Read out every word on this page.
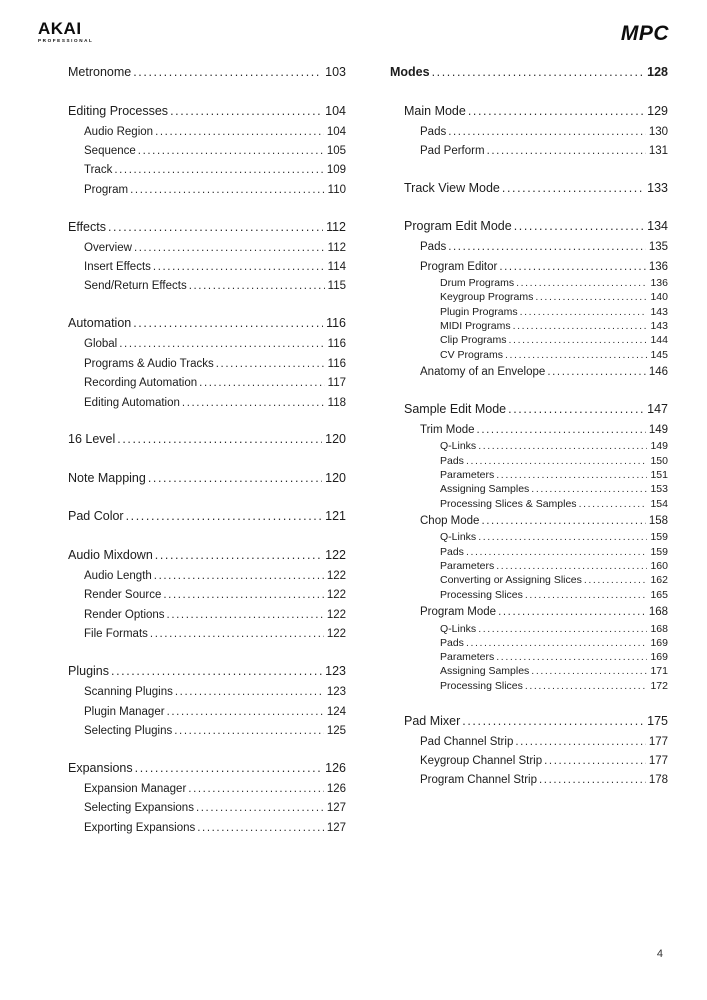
AKAI
PROFESSIONAL	MPC
Metronome .....	103
Editing Processes .....	104
Audio Region .....	104
Sequence .....	105
Track .....	109
Program .....	110
Effects .....	112
Overview .....	112
Insert Effects .....	114
Send/Return Effects .....	115
Automation .....	116
Global .....	116
Programs & Audio Tracks .....	116
Recording Automation .....	117
Editing Automation .....	118
16 Level .....	120
Note Mapping .....	120
Pad Color .....	121
Audio Mixdown .....	122
Audio Length .....	122
Render Source .....	122
Render Options .....	122
File Formats .....	122
Plugins .....	123
Scanning Plugins .....	123
Plugin Manager .....	124
Selecting Plugins .....	125
Expansions .....	126
Expansion Manager .....	126
Selecting Expansions .....	127
Exporting Expansions .....	127
Modes .....	128
Main Mode .....	129
Pads .....	130
Pad Perform .....	131
Track View Mode .....	133
Program Edit Mode .....	134
Pads .....	135
Program Editor .....	136
Drum Programs .....	136
Keygroup Programs .....	140
Plugin Programs .....	143
MIDI Programs .....	143
Clip Programs .....	144
CV Programs .....	145
Anatomy of an Envelope .....	146
Sample Edit Mode .....	147
Trim Mode .....	149
Q-Links .....	149
Pads .....	150
Parameters .....	151
Assigning Samples .....	153
Processing Slices & Samples .....	154
Chop Mode .....	158
Q-Links .....	159
Pads .....	159
Parameters .....	160
Converting or Assigning Slices .....	162
Processing Slices .....	165
Program Mode .....	168
Q-Links .....	168
Pads .....	169
Parameters .....	169
Assigning Samples .....	171
Processing Slices .....	172
Pad Mixer .....	175
Pad Channel Strip .....	177
Keygroup Channel Strip .....	177
Program Channel Strip .....	178
4
